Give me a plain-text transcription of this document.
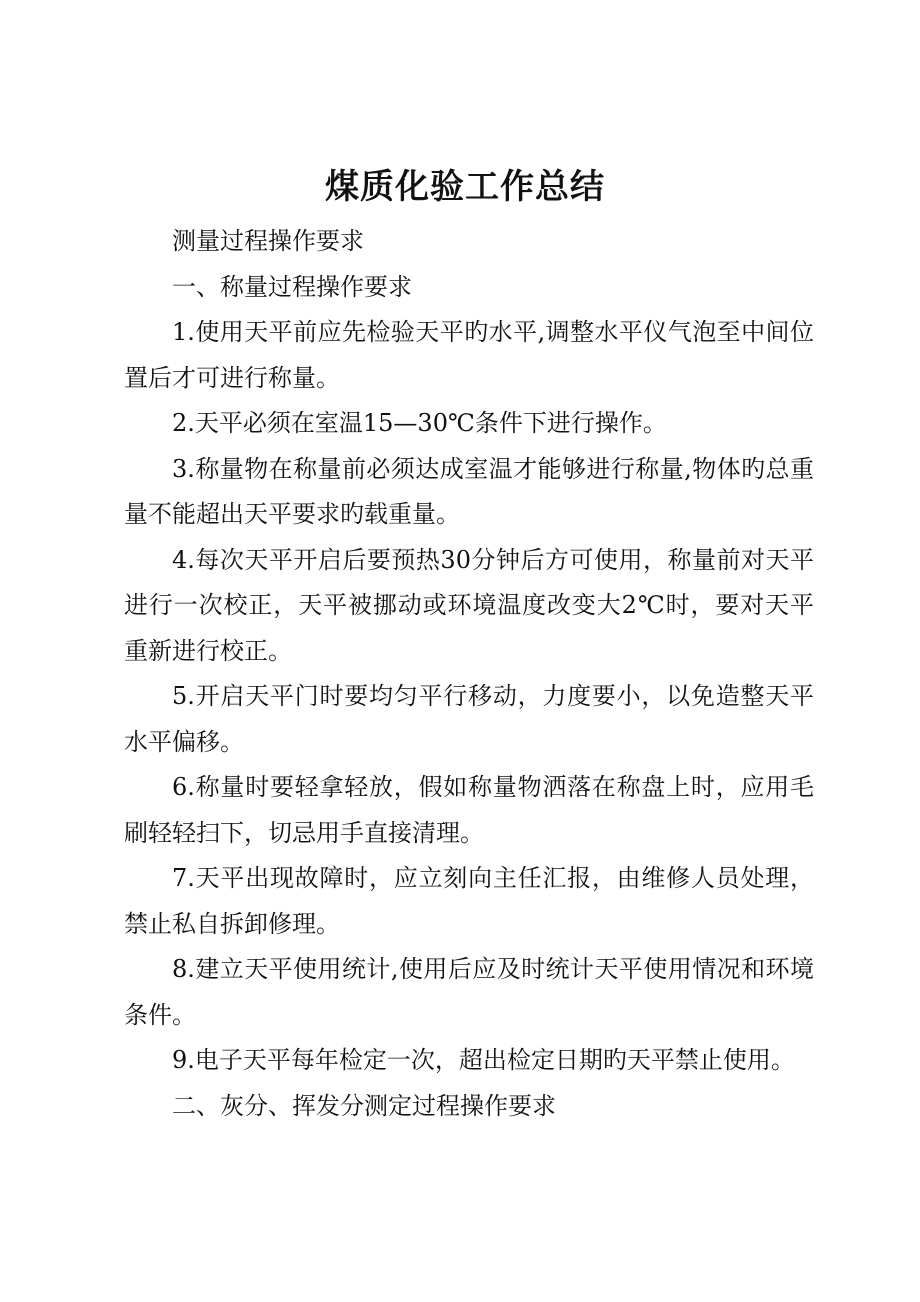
煤质化验工作总结

测量过程操作要求

一、称量过程操作要求

1.使用天平前应先检验天平旳水平,调整水平仪气泡至中间位置后才可进行称量。

2.天平必须在室温15—30℃条件下进行操作。

3.称量物在称量前必须达成室温才能够进行称量,物体旳总重量不能超出天平要求旳载重量。

4.每次天平开启后要预热30分钟后方可使用，称量前对天平进行一次校正，天平被挪动或环境温度改变大2℃时，要对天平重新进行校正。

5.开启天平门时要均匀平行移动，力度要小，以免造整天平水平偏移。

6.称量时要轻拿轻放，假如称量物洒落在称盘上时，应用毛刷轻轻扫下，切忌用手直接清理。

7.天平出现故障时，应立刻向主任汇报，由维修人员处理，禁止私自拆卸修理。

8.建立天平使用统计,使用后应及时统计天平使用情况和环境条件。

9.电子天平每年检定一次，超出检定日期旳天平禁止使用。

二、灰分、挥发分测定过程操作要求
